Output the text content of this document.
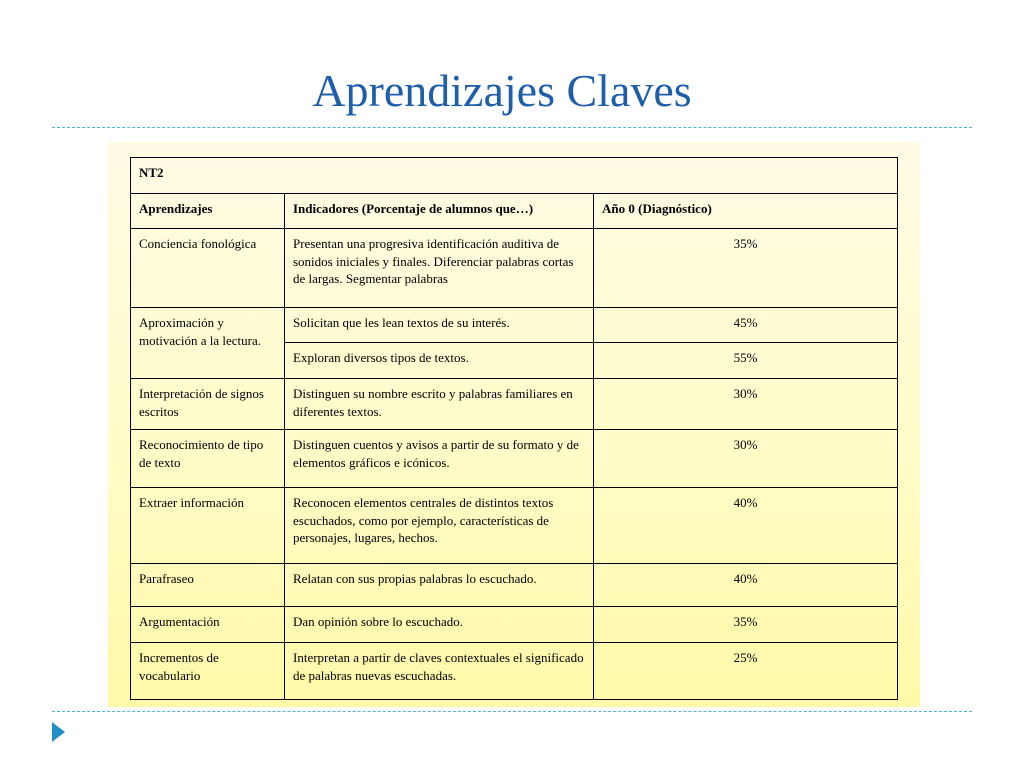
Aprendizajes Claves
NT2		
Aprendizajes	Indicadores (Porcentaje de alumnos que…)	Año 0 (Diagnóstico)
Conciencia fonológica	Presentan una progresiva identificación auditiva de sonidos iniciales y finales. Diferenciar palabras cortas de largas. Segmentar palabras	35%
Aproximación y motivación a la lectura.	Solicitan que les lean textos de su interés.	45%
	Exploran diversos tipos de textos.	55%
Interpretación de signos escritos	Distinguen su nombre escrito y palabras familiares en diferentes textos.	30%
Reconocimiento de tipo de texto	Distinguen cuentos y avisos a partir de su formato y de elementos gráficos e icónicos.	30%
Extraer información	Reconocen elementos centrales de distintos textos escuchados, como por ejemplo, características de personajes, lugares, hechos.	40%
Parafraseo	Relatan con sus propias palabras lo escuchado.	40%
Argumentación	Dan opinión sobre lo escuchado.	35%
Incrementos de vocabulario	Interpretan a partir de claves contextuales el significado de palabras nuevas escuchadas.	25%
